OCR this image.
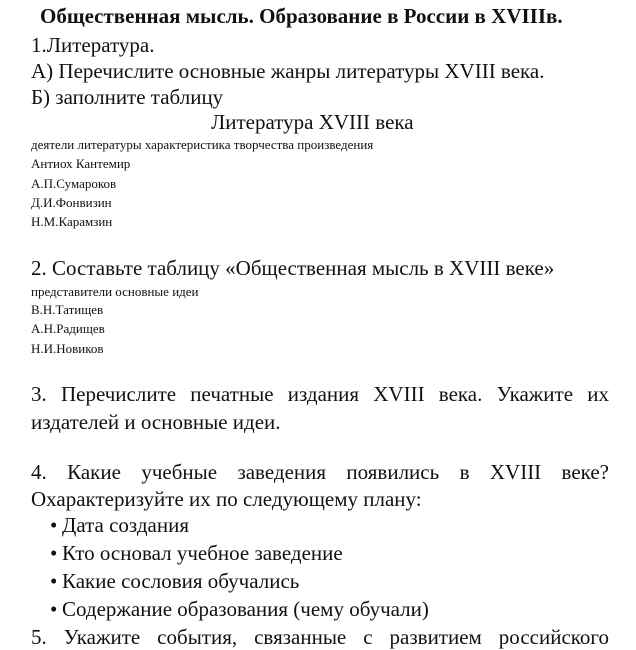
Общественная мысль. Образование в России в XVIIIв.
1.Литература.
А) Перечислите основные жанры литературы XVIII века.
Б) заполните таблицу
Литература XVIII века
деятели литературы характеристика творчества произведения
Антиох Кантемир
А.П.Сумароков
Д.И.Фонвизин
Н.М.Карамзин
2. Составьте таблицу «Общественная мысль в XVIII веке»
представители основные идеи
В.Н.Татищев
А.Н.Радищев
Н.И.Новиков
3. Перечислите печатные издания XVIII века. Укажите их
издателей и основные идеи.
4. Какие учебные заведения появились в XVIII веке?
Охарактеризуйте их по следующему плану:
• Дата создания
• Кто основал учебное заведение
• Какие сословия обучались
• Содержание образования (чему обучали)
5. Укажите события, связанные с развитием российского
